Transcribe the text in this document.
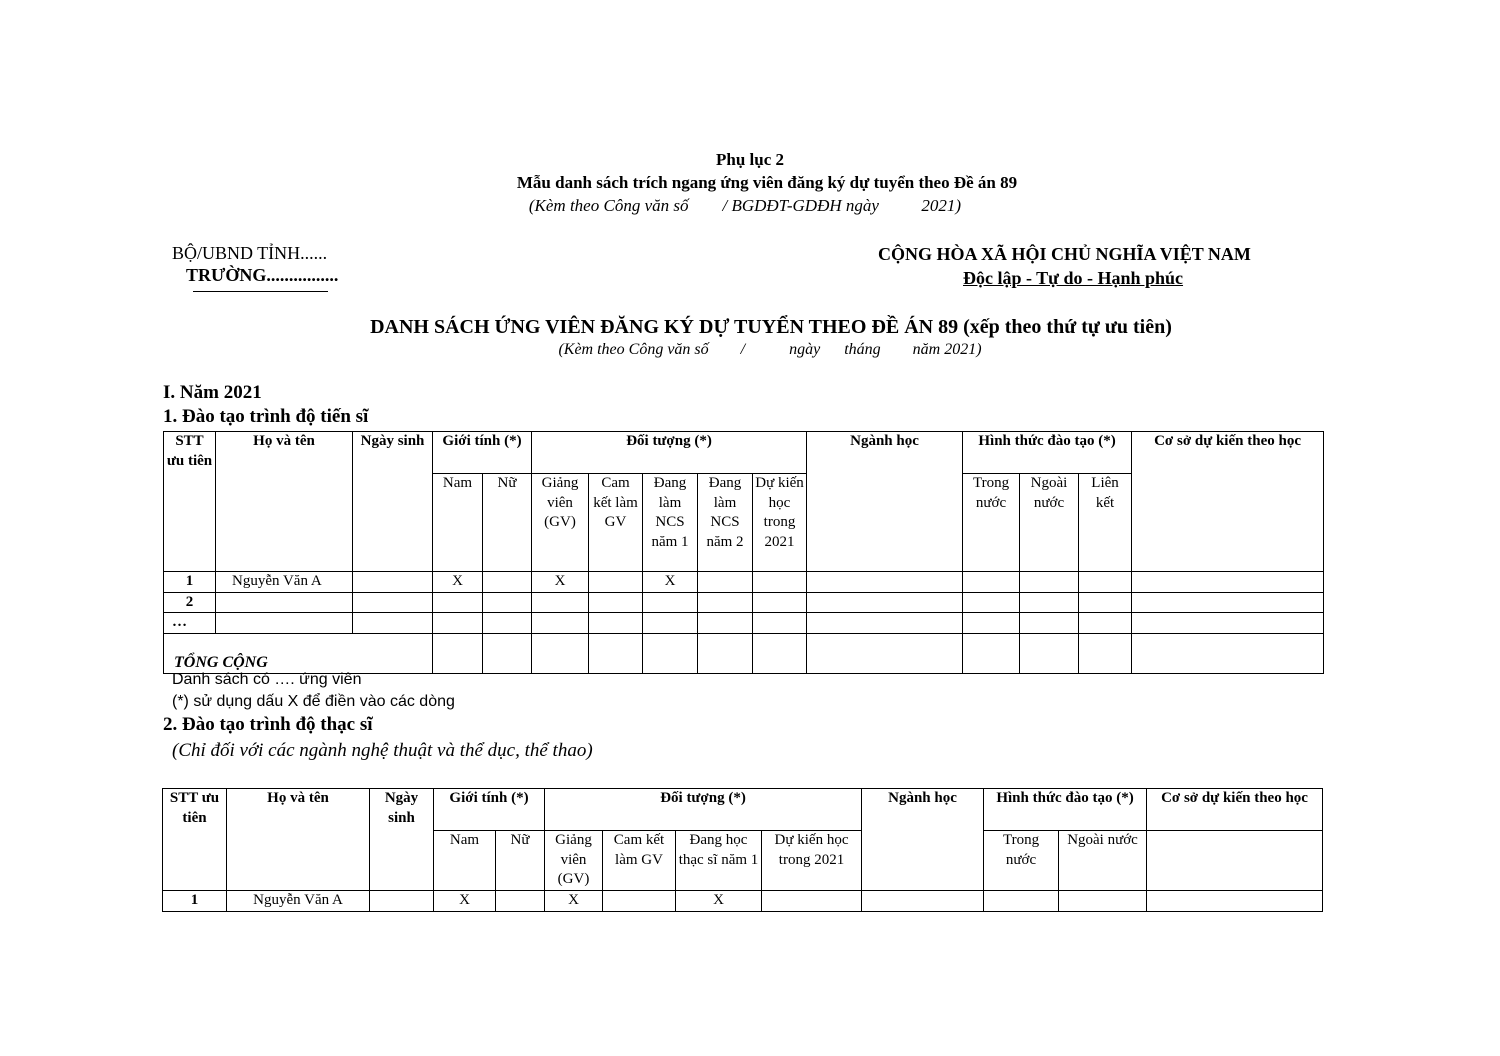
Phụ lục 2
Mẫu danh sách trích ngang ứng viên đăng ký dự tuyển theo Đề án 89
(Kèm theo Công văn số        / BGDĐT-GDĐH ngày          2021)
BỘ/UBND TỈNH......
TRƯỜNG................
CỘNG HÒA XÃ HỘI CHỦ NGHĨA VIỆT NAM
Độc lập - Tự do - Hạnh phúc
DANH SÁCH ỨNG VIÊN ĐĂNG KÝ DỰ TUYỂN THEO ĐỀ ÁN 89 (xếp theo thứ tự ưu tiên)
(Kèm theo Công văn số        /           ngày      tháng        năm 2021)
I. Năm 2021
1. Đào tạo trình độ tiến sĩ
STT ưu tiên	Họ và tên	Ngày sinh	Giới tính (*)		Đối tượng (*)					Ngành học	Hình thức đào tạo (*)			Cơ sở dự kiến theo học
			Nam	Nữ	Giảng viên (GV)	Cam kết làm GV	Đang làm NCS năm 1	Đang làm NCS năm 2	Dự kiến học trong 2021		Trong nước	Ngoài nước	Liên kết	
1	Nguyễn Văn A		X		X		X							
2														
…														
TỔNG CỘNG														
Danh sách có …. ứng viên
(*) sử dụng dấu X để điền vào các dòng
2. Đào tạo trình độ thạc sĩ
(Chỉ đối với các ngành nghệ thuật và thể dục, thể thao)
STT ưu tiên	Họ và tên	Ngày sinh	Giới tính (*)		Đối tượng (*)				Ngành học	Hình thức đào tạo (*)		Cơ sở dự kiến theo học
			Nam	Nữ	Giảng viên (GV)	Cam kết làm GV	Đang học thạc sĩ năm 1	Dự kiến học trong 2021		Trong nước	Ngoài nước	
1	Nguyễn Văn A		X		X		X					
